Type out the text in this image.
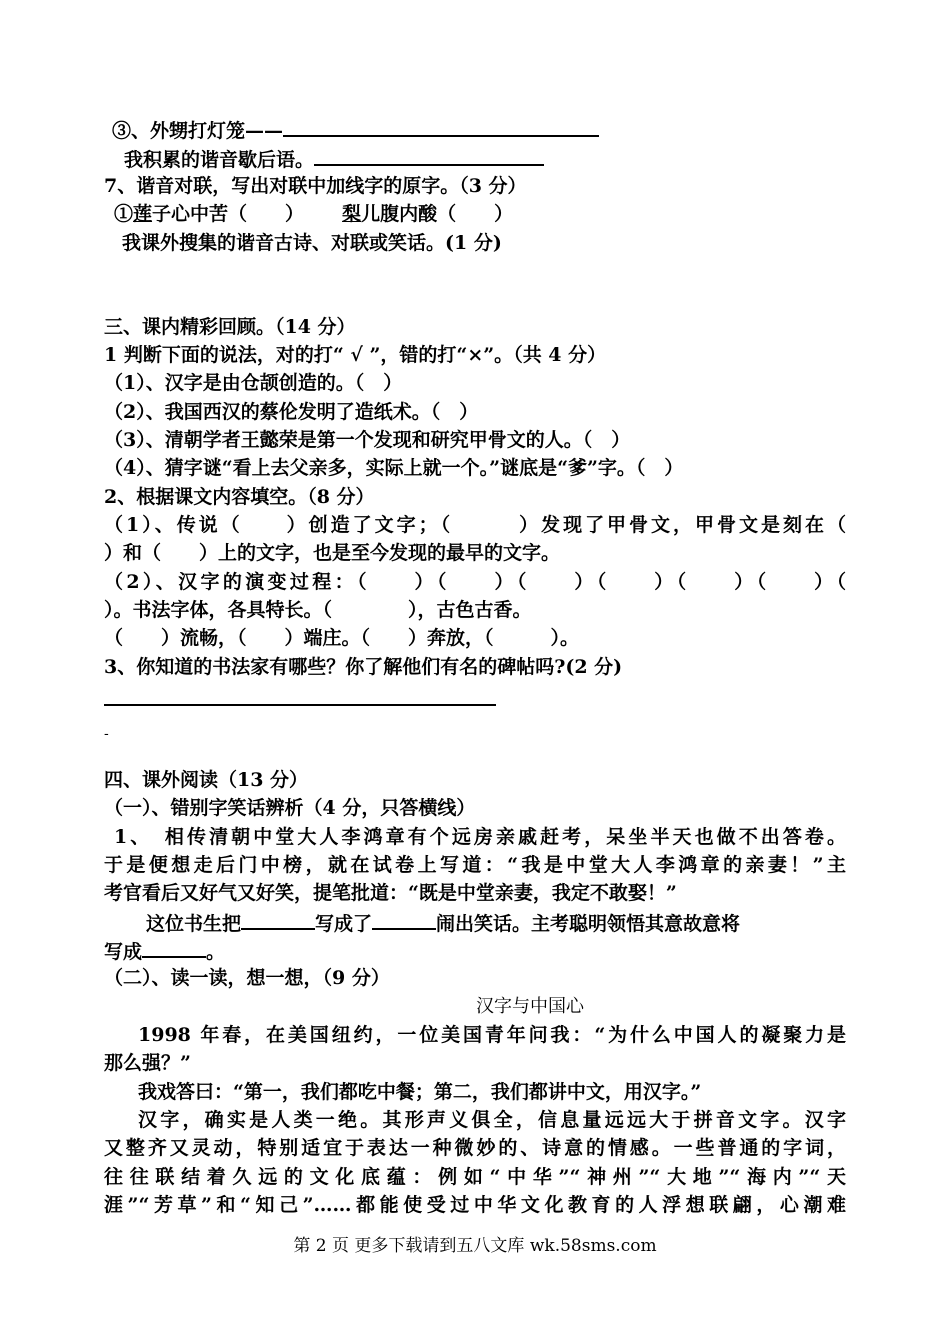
③、外甥打灯笼——
我积累的谐音歇后语。
7、谐音对联，写出对联中加线字的原字。（3 分）
①莲子心中苦（　　） 梨儿腹内酸（　　）
我课外搜集的谐音古诗、对联或笑话。(1 分)
三、课内精彩回顾。（14 分）
1 判断下面的说法，对的打“ √ ”，错的打“×”。（共 4 分）
（1）、汉字是由仓颉创造的。（　）
（2）、我国西汉的蔡伦发明了造纸术。（　）
（3）、清朝学者王懿荣是第一个发现和研究甲骨文的人。（　）
（4）、猜字谜“看上去父亲多，实际上就一个。”谜底是“爹”字。（　）
2、根据课文内容填空。（8 分）
（1）、传说（　　）创造了文字；（　　　）发现了甲骨文，甲骨文是刻在（
）和（　　）上的文字，也是至今发现的最早的文字。
（2）、汉字的演变过程：（　　）（　　）（　　）（　　）（　　）（　　）（
）。书法字体，各具特长。（　　　　），古色古香。
（　　）流畅，（　　）端庄。（　　）奔放，（　　　）。
3、你知道的书法家有哪些？你了解他们有名的碑帖吗?(2 分)
-
四、课外阅读（13 分）
（一）、错别字笑话辨析（4 分，只答横线）
1、　相传清朝中堂大人李鸿章有个远房亲戚赶考，呆坐半天也做不出答卷。
于是便想走后门中榜，就在试卷上写道：“我是中堂大人李鸿章的亲妻！”主
考官看后又好气又好笑，提笔批道：“既是中堂亲妻，我定不敢娶！”
这位书生把	写成了	闹出笑话。主考聪明领悟其意故意将
写成	。
（二）、读一读，想一想，（9 分）
汉字与中国心
1998 年春，在美国纽约，一位美国青年问我：“为什么中国人的凝聚力是
那么强？”
我戏答曰：“第一，我们都吃中餐；第二，我们都讲中文，用汉字。”
汉字，确实是人类一绝。其形声义俱全，信息量远远大于拼音文字。汉字
又整齐又灵动，特别适宜于表达一种微妙的、诗意的情感。一些普通的字词，
往往联结着久远的文化底蕴：例如“中华”“神州”“大地”“海内”“天
涯”“芳草”和“知己”……都能使受过中华文化教育的人浮想联翩，心潮难
第 2 页 更多下载请到五八文库 wk.58sms.com
